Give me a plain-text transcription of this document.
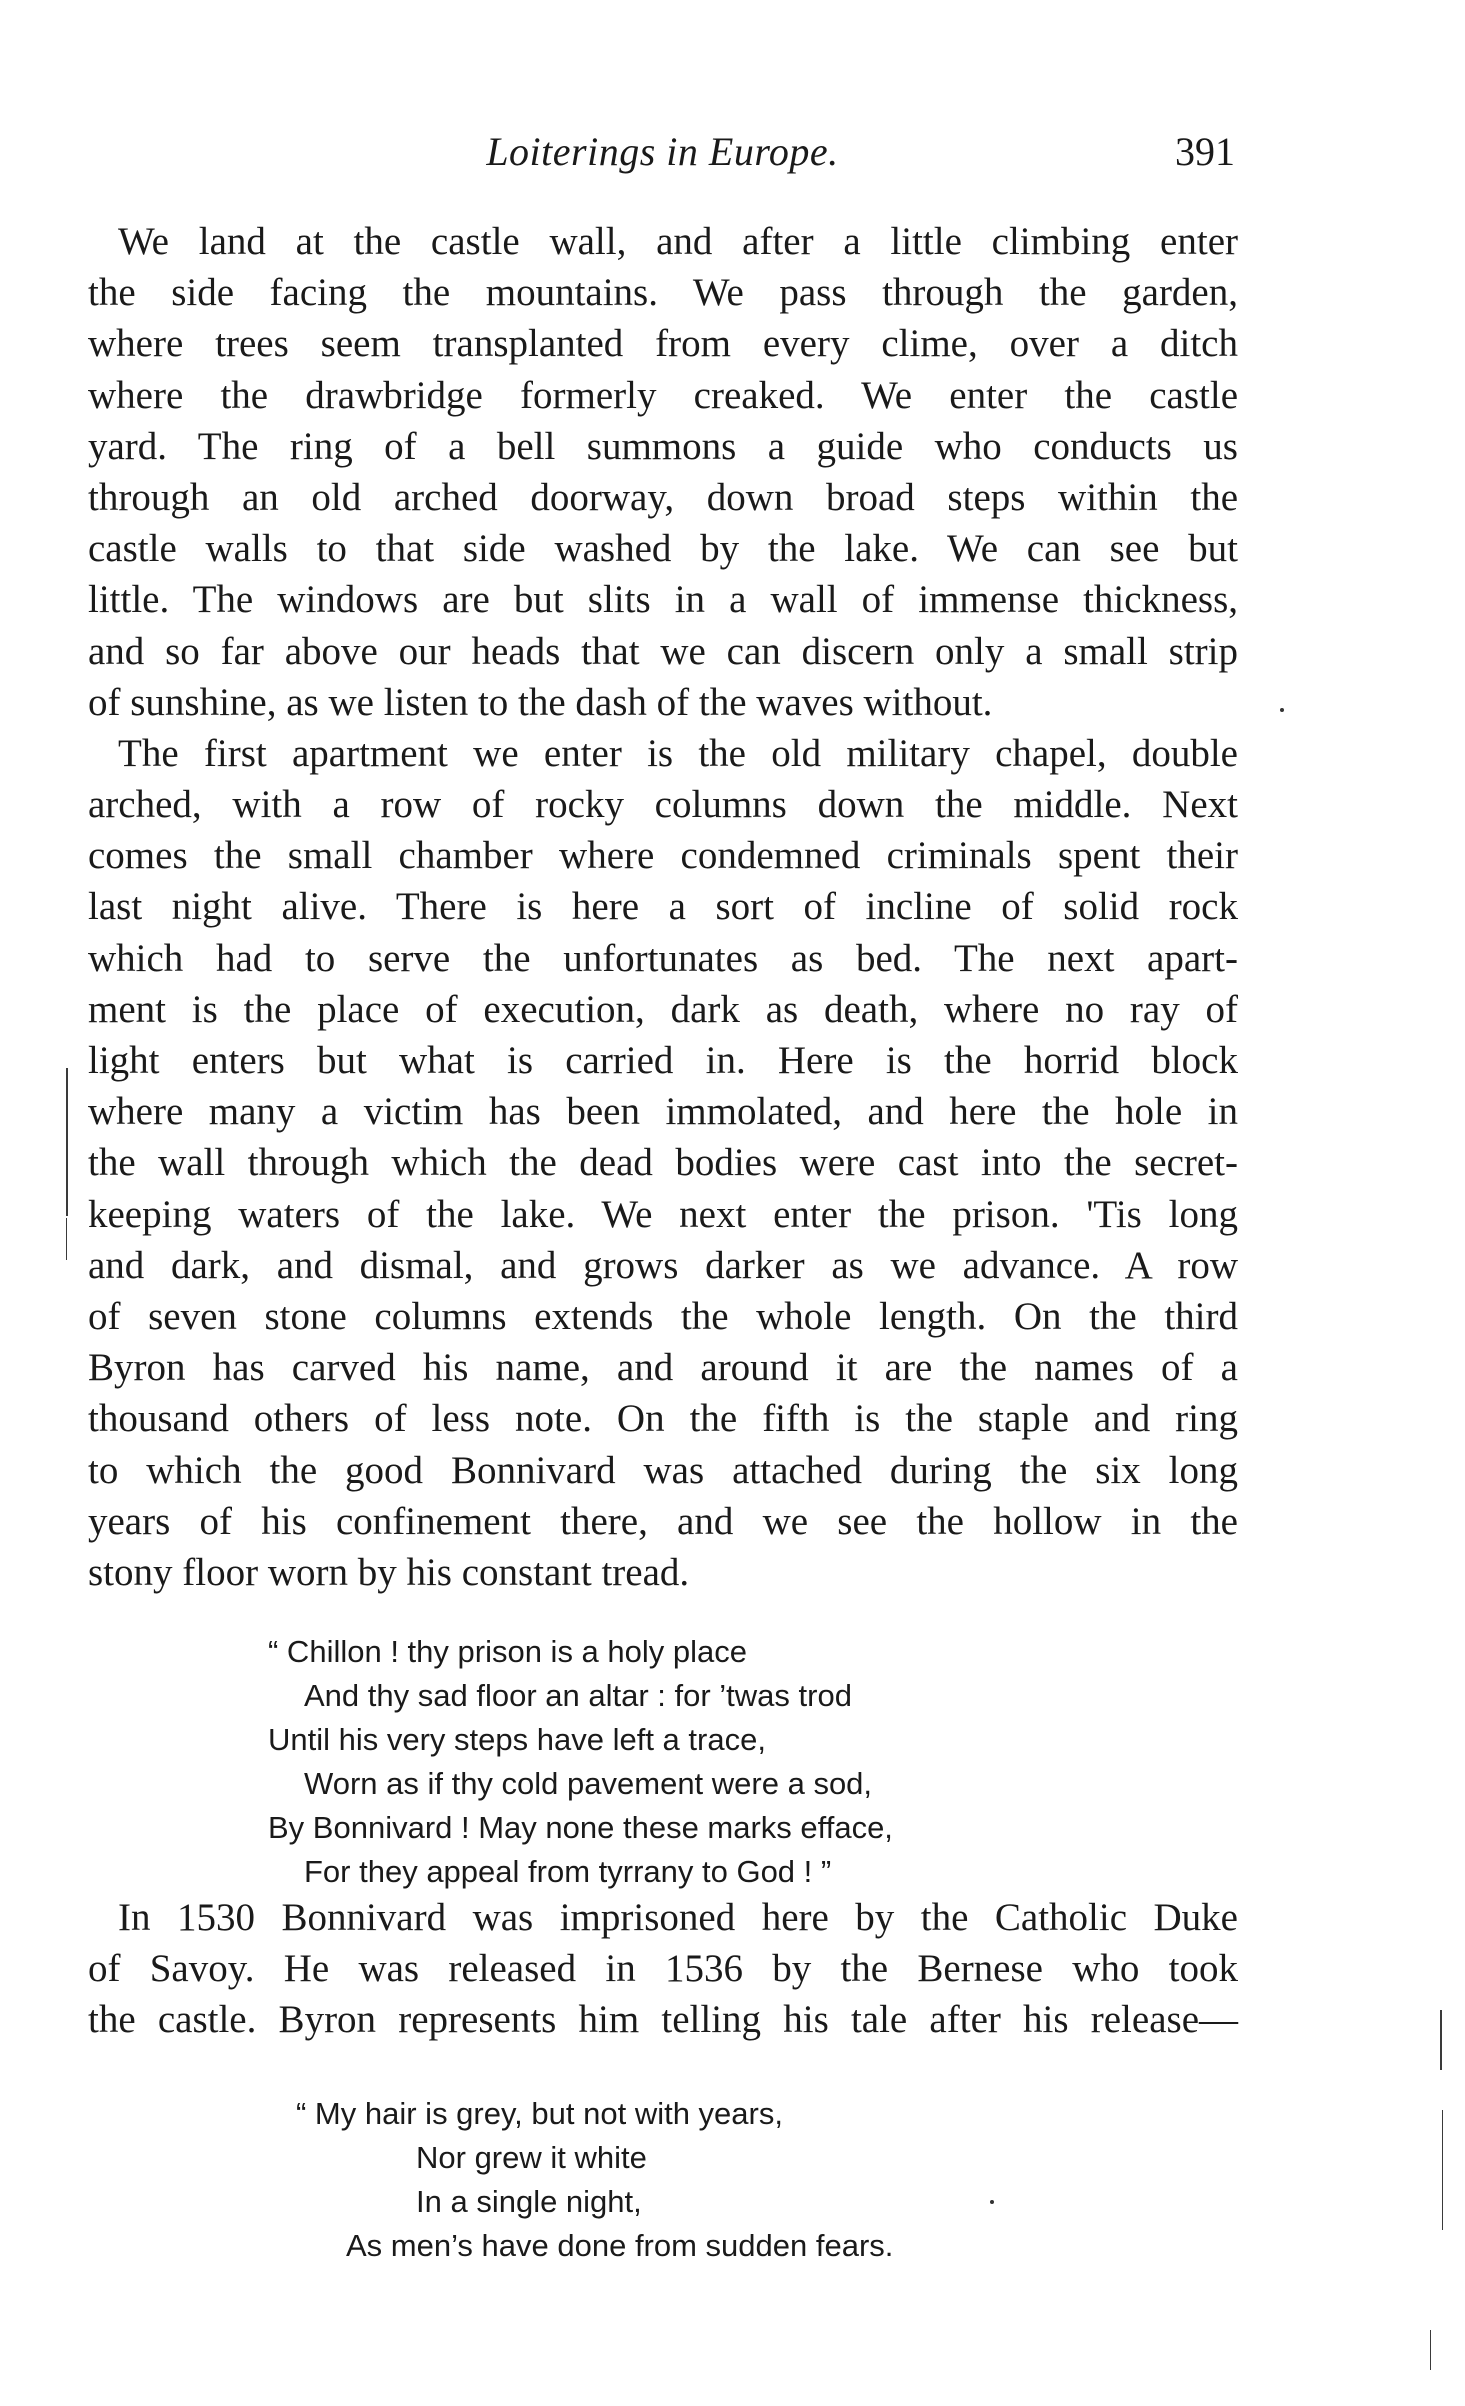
Loiterings in Europe.	391

We land at the castle wall, and after a little climbing enter
the side facing the mountains. We pass through the garden,
where trees seem transplanted from every clime, over a ditch
where the drawbridge formerly creaked. We enter the castle
yard. The ring of a bell summons a guide who conducts us
through an old arched doorway, down broad steps within the
castle walls to that side washed by the lake. We can see but
little. The windows are but slits in a wall of immense thickness,
and so far above our heads that we can discern only a small strip
of sunshine, as we listen to the dash of the waves without.

The first apartment we enter is the old military chapel, double
arched, with a row of rocky columns down the middle. Next
comes the small chamber where condemned criminals spent their
last night alive. There is here a sort of incline of solid rock
which had to serve the unfortunates as bed. The next apart-
ment is the place of execution, dark as death, where no ray of
light enters but what is carried in. Here is the horrid block
where many a victim has been immolated, and here the hole in
the wall through which the dead bodies were cast into the secret-
keeping waters of the lake. We next enter the prison. 'Tis long
and dark, and dismal, and grows darker as we advance. A row
of seven stone columns extends the whole length. On the third
Byron has carved his name, and around it are the names of a
thousand others of less note. On the fifth is the staple and ring
to which the good Bonnivard was attached during the six long
years of his confinement there, and we see the hollow in the
stony floor worn by his constant tread.

“ Chillon ! thy prison is a holy place
And thy sad floor an altar : for ’twas trod
Until his very steps have left a trace,
Worn as if thy cold pavement were a sod,
By Bonnivard ! May none these marks efface,
For they appeal from tyrrany to God ! ”

In 1530 Bonnivard was imprisoned here by the Catholic Duke
of Savoy. He was released in 1536 by the Bernese who took
the castle. Byron represents him telling his tale after his release—

“ My hair is grey, but not with years,
Nor grew it white
In a single night,
As men’s have done from sudden fears.
